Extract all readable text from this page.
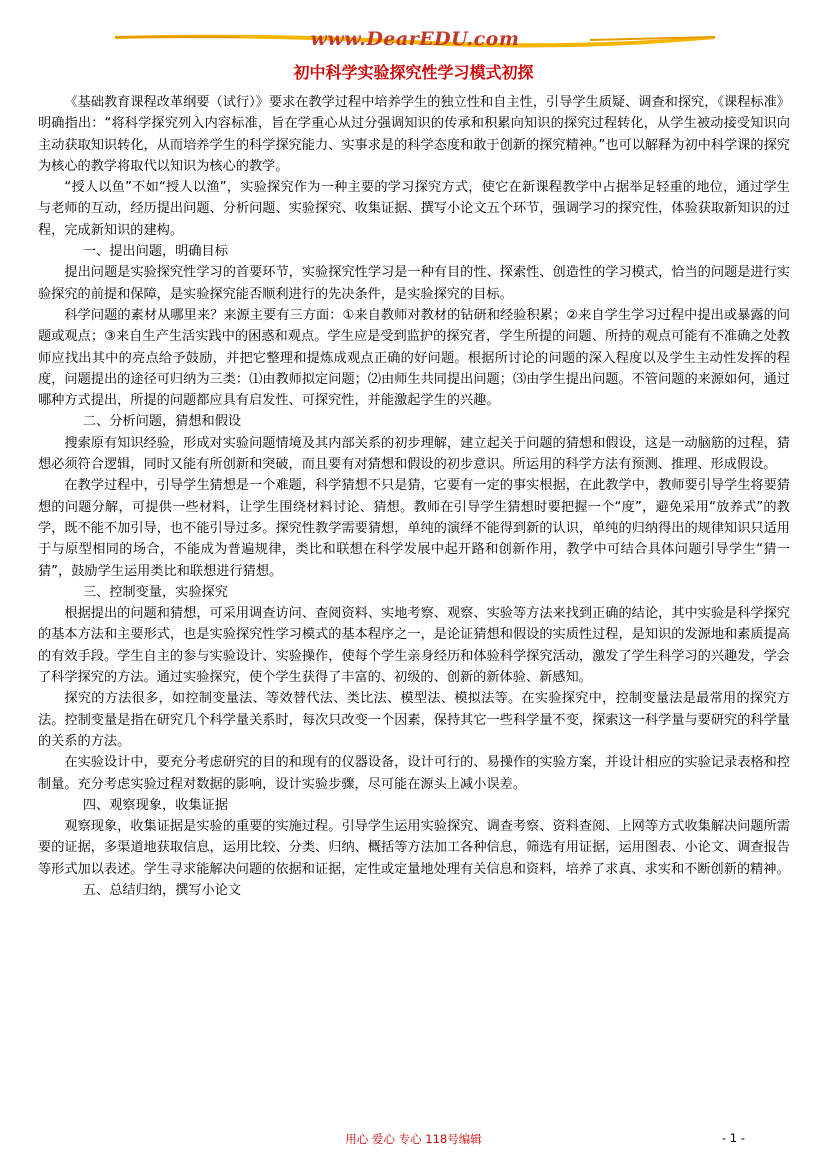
www.DearEDU.com
初中科学实验探究性学习模式初探

《基础教育课程改革纲要（试行）》要求在教学过程中培养学生的独立性和自主性，引导学生质疑、调查和探究，《课程标准》明确指出：“将科学探究列入内容标准，旨在学重心从过分强调知识的传承和积累向知识的探究过程转化，从学生被动接受知识向主动获取知识转化，从而培养学生的科学探究能力、实事求是的科学态度和敢于创新的探究精神。”也可以解释为初中科学课的探究为核心的教学将取代以知识为核心的教学。

“授人以鱼”不如“授人以渔”，实验探究作为一种主要的学习探究方式，使它在新课程教学中占据举足轻重的地位，通过学生与老师的互动，经历提出问题、分析问题、实验探究、收集证据、撰写小论文五个环节，强调学习的探究性，体验获取新知识的过程，完成新知识的建构。

一、提出问题，明确目标

提出问题是实验探究性学习的首要环节，实验探究性学习是一种有目的性、探索性、创造性的学习模式，恰当的问题是进行实验探究的前提和保障，是实验探究能否顺利进行的先决条件，是实验探究的目标。

科学问题的素材从哪里来？来源主要有三方面：①来自教师对教材的钻研和经验积累；②来自学生学习过程中提出或暴露的问题或观点；③来自生产生活实践中的困惑和观点。学生应是受到监护的探究者，学生所提的问题、所持的观点可能有不准确之处教师应找出其中的亮点给予鼓励，并把它整理和提炼成观点正确的好问题。根据所讨论的问题的深入程度以及学生主动性发挥的程度，问题提出的途径可归纳为三类：⑴由教师拟定问题；⑵由师生共同提出问题；⑶由学生提出问题。不管问题的来源如何，通过哪种方式提出，所提的问题都应具有启发性、可探究性，并能激起学生的兴趣。

二、分析问题，猜想和假设

搜索原有知识经验，形成对实验问题情境及其内部关系的初步理解，建立起关于问题的猜想和假设，这是一动脑筋的过程，猜想必须符合逻辑，同时又能有所创新和突破，而且要有对猜想和假设的初步意识。所运用的科学方法有预测、推理、形成假设。

在教学过程中，引导学生猜想是一个难题，科学猜想不只是猜，它要有一定的事实根据，在此教学中，教师要引导学生将要猜想的问题分解，可提供一些材料，让学生围绕材料讨论、猜想。教师在引导学生猜想时要把握一个“度”，避免采用“放养式”的教学，既不能不加引导，也不能引导过多。探究性教学需要猜想，单纯的演绎不能得到新的认识，单纯的归纳得出的规律知识只适用于与原型相同的场合，不能成为普遍规律，类比和联想在科学发展中起开路和创新作用，教学中可结合具体问题引导学生“猜一猜”，鼓励学生运用类比和联想进行猜想。

三、控制变量，实验探究

根据提出的问题和猜想，可采用调查访问、查阅资料、实地考察、观察、实验等方法来找到正确的结论，其中实验是科学探究的基本方法和主要形式，也是实验探究性学习模式的基本程序之一，是论证猜想和假设的实质性过程，是知识的发源地和素质提高的有效手段。学生自主的参与实验设计、实验操作，使每个学生亲身经历和体验科学探究活动，激发了学生科学习的兴趣发，学会了科学探究的方法。通过实验探究，使个学生获得了丰富的、初级的、创新的新体验、新感知。

探究的方法很多，如控制变量法、等效替代法、类比法、模型法、模拟法等。在实验探究中，控制变量法是最常用的探究方法。控制变量是指在研究几个科学量关系时，每次只改变一个因素，保持其它一些科学量不变，探索这一科学量与要研究的科学量的关系的方法。

在实验设计中，要充分考虑研究的目的和现有的仪器设备，设计可行的、易操作的实验方案，并设计相应的实验记录表格和控制量。充分考虑实验过程对数据的影响，设计实验步骤，尽可能在源头上减小误差。

四、观察现象，收集证据

观察现象，收集证据是实验的重要的实施过程。引导学生运用实验探究、调查考察、资料查阅、上网等方式收集解决问题所需要的证据，多渠道地获取信息，运用比较、分类、归纳、概括等方法加工各种信息，筛选有用证据，运用图表、小论文、调查报告等形式加以表述。学生寻求能解决问题的依据和证据，定性或定量地处理有关信息和资料，培养了求真、求实和不断创新的精神。

五、总结归纳，撰写小论文

用心 爱心 专心 118号编辑	- 1 -
